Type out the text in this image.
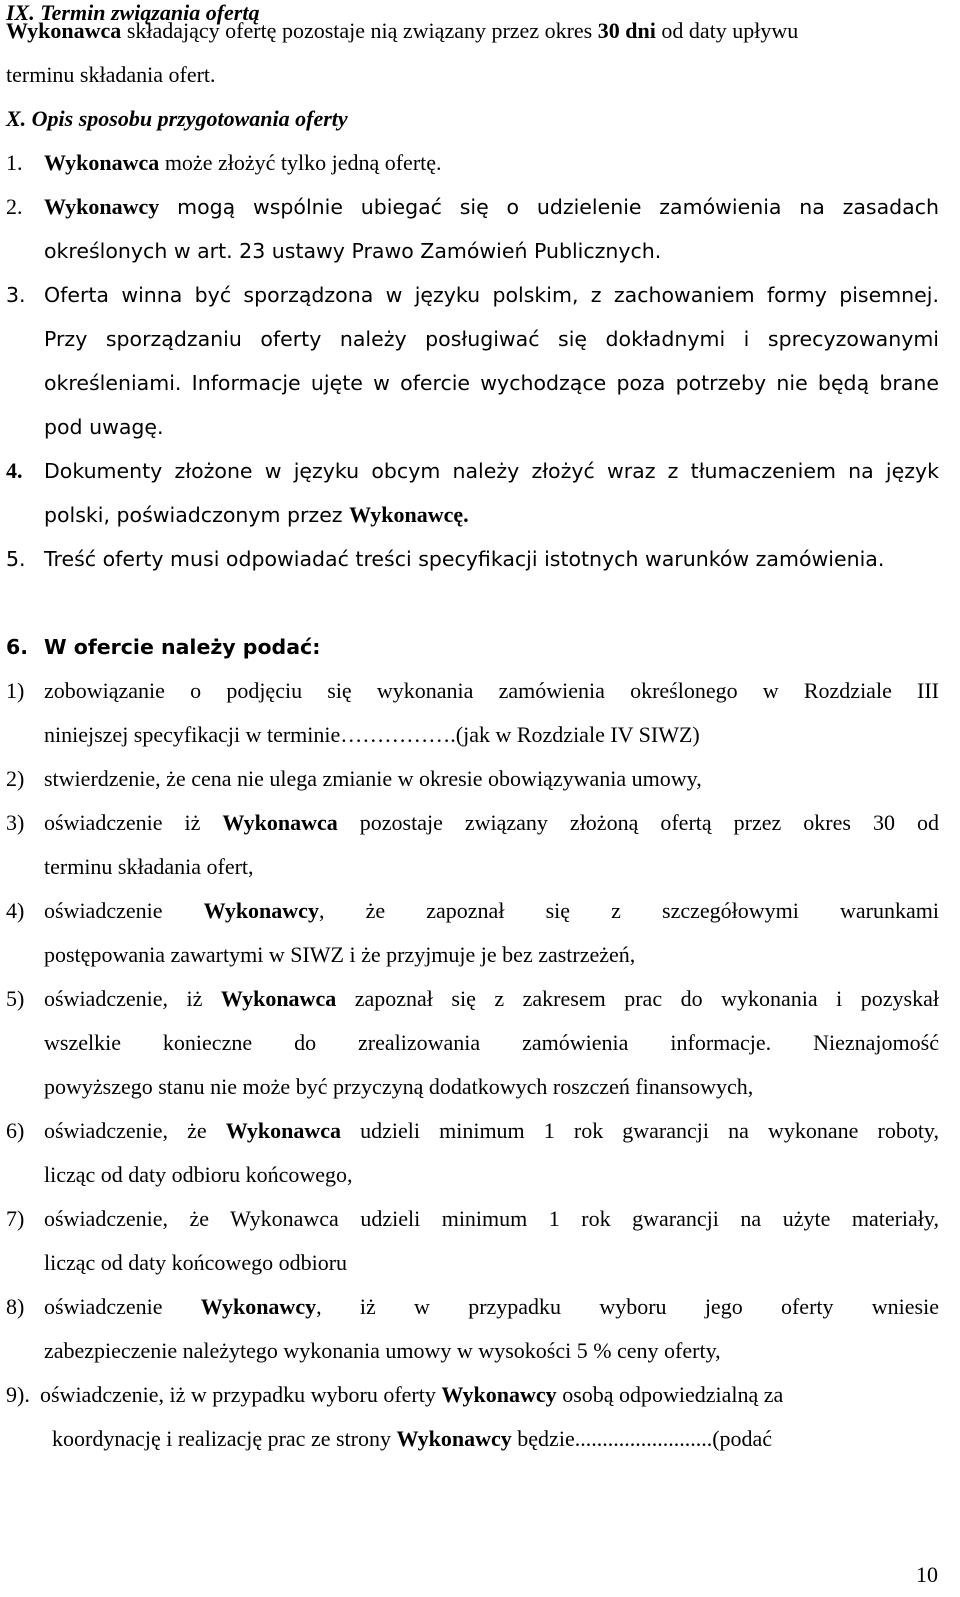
IX. Termin związania ofertą
Wykonawca składający ofertę pozostaje nią związany przez okres 30 dni od daty upływu
terminu składania ofert.
X. Opis sposobu przygotowania oferty
1. Wykonawca może złożyć tylko jedną ofertę.
2. Wykonawcy mogą wspólnie ubiegać się o udzielenie zamówienia na zasadach
określonych w art. 23 ustawy Prawo Zamówień Publicznych.
3. Oferta winna być sporządzona w języku polskim, z zachowaniem formy pisemnej.
Przy sporządzaniu oferty należy posługiwać się dokładnymi i sprecyzowanymi
określeniami. Informacje ujęte w ofercie wychodzące poza potrzeby nie będą brane
pod uwagę.
4. Dokumenty złożone w języku obcym należy złożyć wraz z tłumaczeniem na język
polski, poświadczonym przez Wykonawcę.
5. Treść oferty musi odpowiadać treści specyfikacji istotnych warunków zamówienia.
6. W ofercie należy podać:
1) zobowiązanie o podjęciu się wykonania zamówienia określonego w Rozdziale III
niniejszej specyfikacji w terminie…………….(jak w Rozdziale IV SIWZ)
2) stwierdzenie, że cena nie ulega zmianie w okresie obowiązywania umowy,
3) oświadczenie iż Wykonawca pozostaje związany złożoną ofertą przez okres 30 od
terminu składania ofert,
4) oświadczenie Wykonawcy, że zapoznał się z szczegółowymi warunkami
postępowania zawartymi w SIWZ i że przyjmuje je bez zastrzeżeń,
5) oświadczenie, iż Wykonawca zapoznał się z zakresem prac do wykonania i pozyskał
wszelkie konieczne do zrealizowania zamówienia informacje. Nieznajomość
powyższego stanu nie może być przyczyną dodatkowych roszczeń finansowych,
6) oświadczenie, że Wykonawca udzieli minimum 1 rok gwarancji na wykonane roboty,
licząc od daty odbioru końcowego,
7) oświadczenie, że Wykonawca udzieli minimum 1 rok gwarancji na użyte materiały,
licząc od daty końcowego odbioru
8) oświadczenie Wykonawcy, iż w przypadku wyboru jego oferty wniesie
zabezpieczenie należytego wykonania umowy w wysokości 5 % ceny oferty,
9). oświadczenie, iż w przypadku wyboru oferty Wykonawcy osobą odpowiedzialną za
koordynację i realizację prac ze strony Wykonawcy będzie.........................(podać
10
